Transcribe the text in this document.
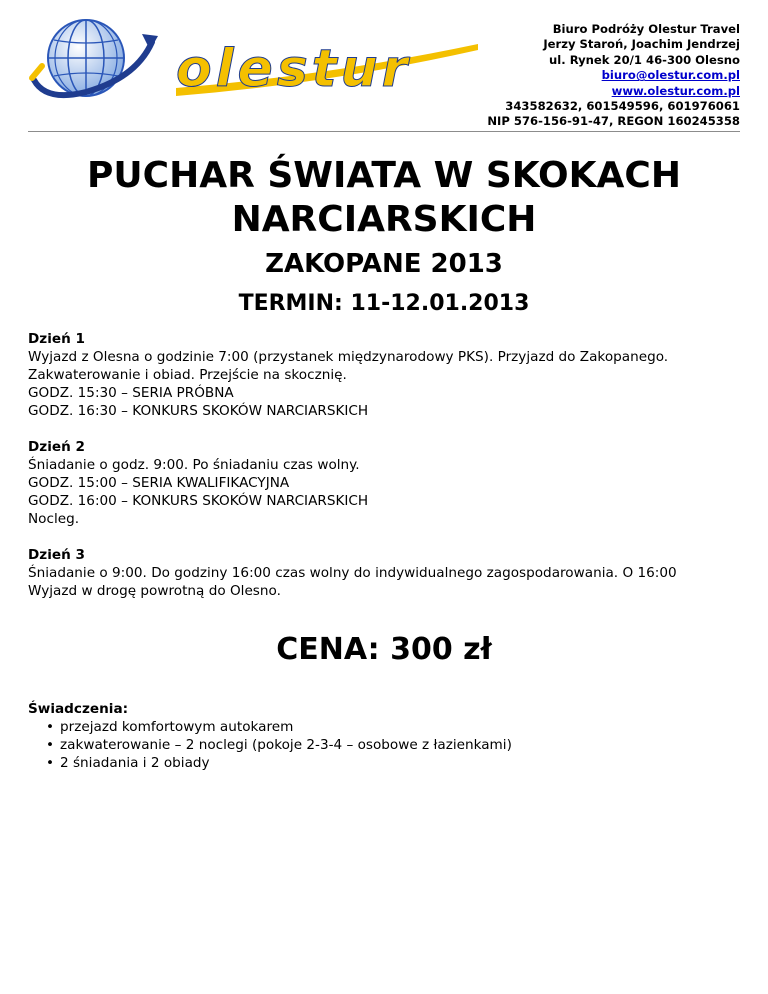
olestur
Biuro Podróży Olestur Travel
Jerzy Staroń, Joachim Jendrzej
ul. Rynek 20/1 46-300 Olesno
biuro@olestur.com.pl
www.olestur.com.pl
343582632, 601549596, 601976061
NIP 576-156-91-47, REGON 160245358
PUCHAR ŚWIATA W SKOKACH
NARCIARSKICH
ZAKOPANE 2013
TERMIN: 11-12.01.2013
Dzień 1
Wyjazd z Olesna o godzinie 7:00 (przystanek międzynarodowy PKS). Przyjazd do Zakopanego.
Zakwaterowanie i obiad. Przejście na skocznię.
GODZ. 15:30 – SERIA PRÓBNA
GODZ. 16:30 – KONKURS SKOKÓW NARCIARSKICH
Dzień 2
Śniadanie o godz. 9:00. Po śniadaniu czas wolny.
GODZ. 15:00 – SERIA KWALIFIKACYJNA
GODZ. 16:00 – KONKURS SKOKÓW NARCIARSKICH
Nocleg.
Dzień 3
Śniadanie o 9:00. Do godziny 16:00 czas wolny do indywidualnego zagospodarowania. O 16:00
Wyjazd w drogę powrotną do Olesno.
CENA: 300 zł
Świadczenia:
• przejazd komfortowym autokarem
• zakwaterowanie – 2 noclegi (pokoje 2-3-4 – osobowe z łazienkami)
• 2 śniadania i 2 obiady
